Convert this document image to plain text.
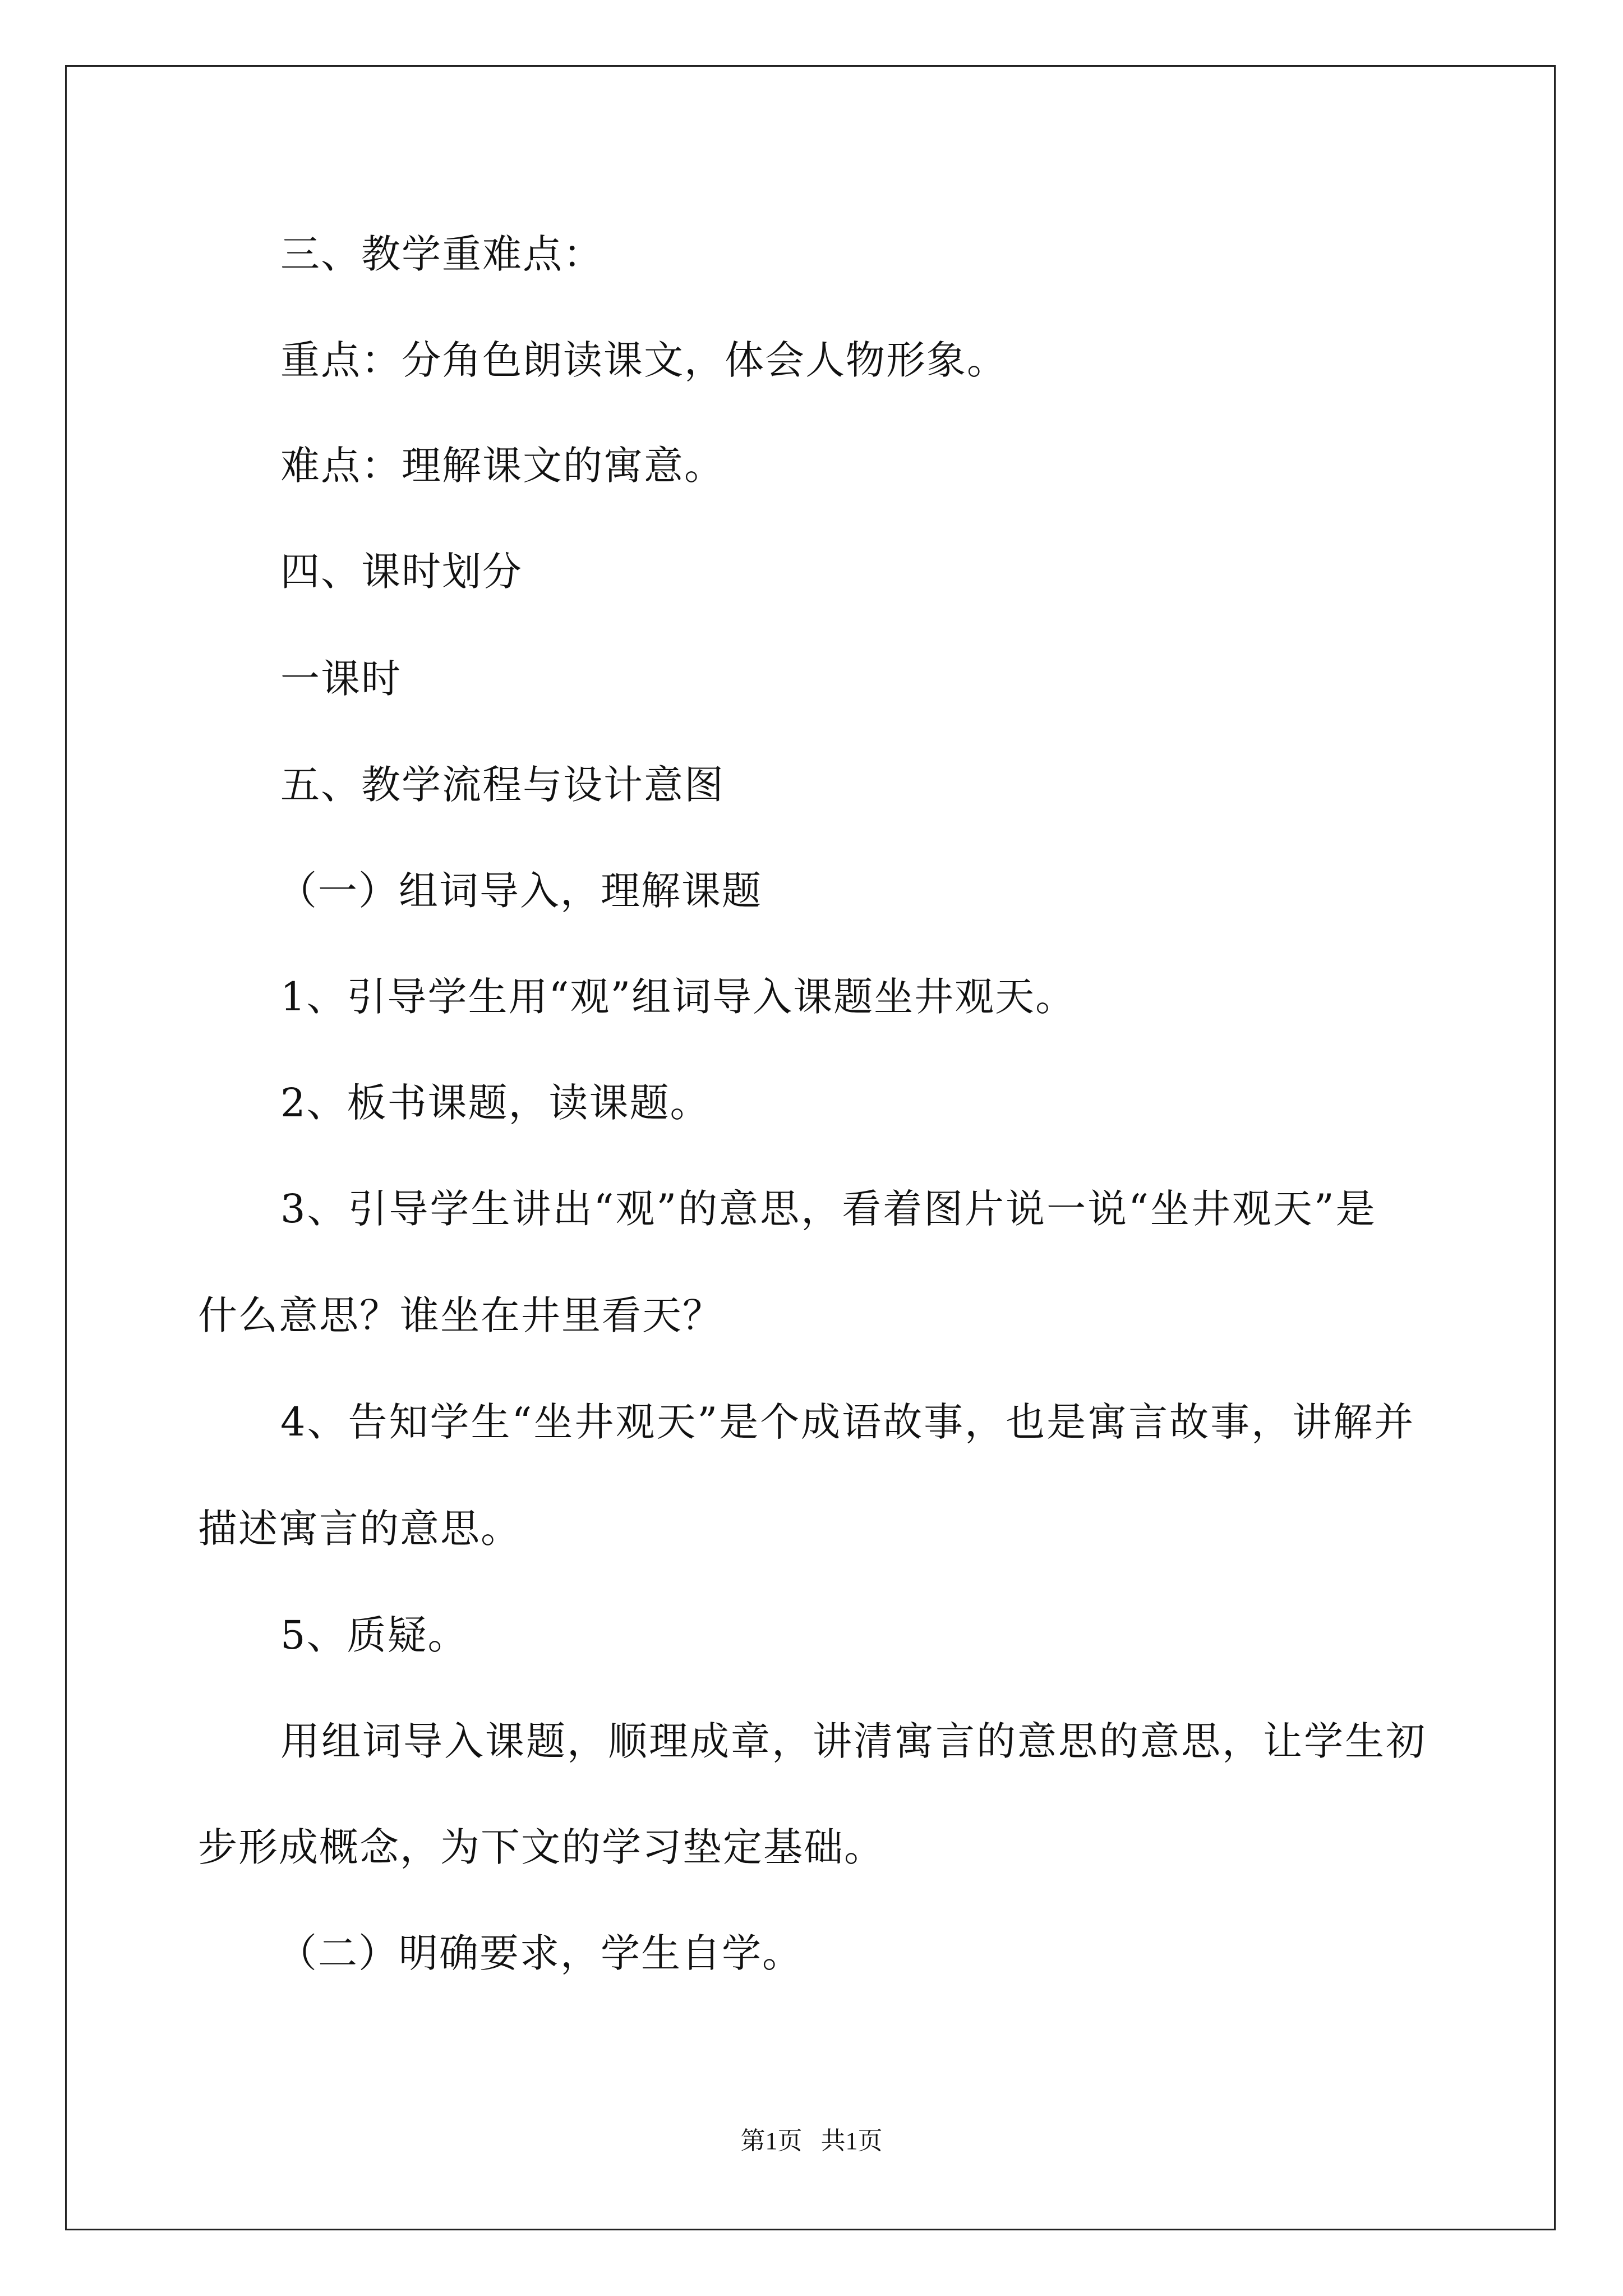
三、教学重难点：
重点：分角色朗读课文，体会人物形象。
难点：理解课文的寓意。
四、课时划分
一课时
五、教学流程与设计意图
（一）组词导入，理解课题
1、引导学生用“观”组词导入课题坐井观天。
2、板书课题，读课题。
3、引导学生讲出“观”的意思，看着图片说一说“坐井观天”是
什么意思？谁坐在井里看天？
4、告知学生“坐井观天”是个成语故事，也是寓言故事，讲解并
描述寓言的意思。
5、质疑。
用组词导入课题，顺理成章，讲清寓言的意思的意思，让学生初
步形成概念，为下文的学习垫定基础。
（二）明确要求，学生自学。
第1页   共1页
